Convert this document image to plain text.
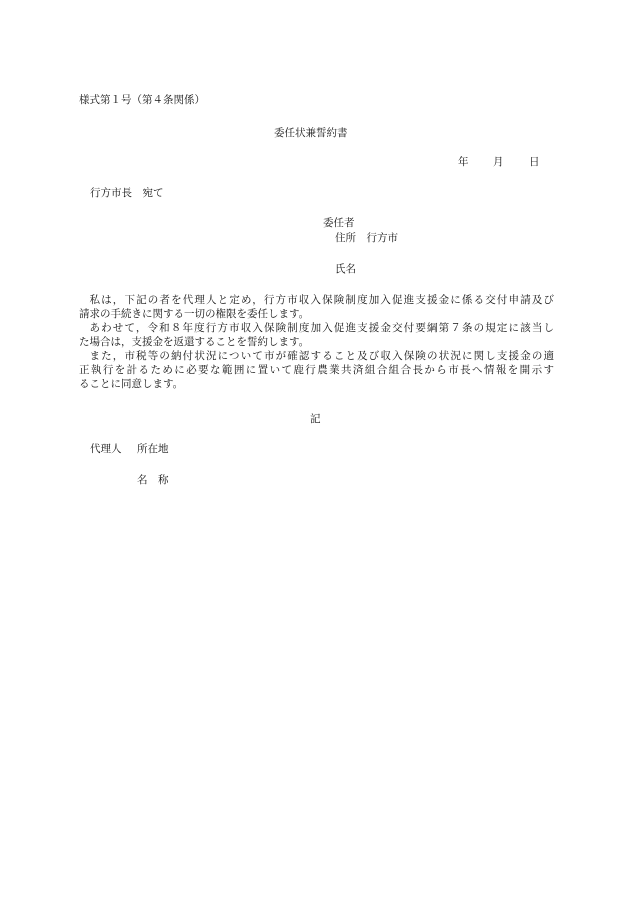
様式第１号（第４条関係）
委任状兼誓約書
年 月 日
行方市長　宛て
委任者
住所　行方市
氏名
私は，下記の者を代理人と定め，行方市収入保険制度加入促進支援金に係る交付申請及び
請求の手続きに関する一切の権限を委任します。
あわせて，令和８年度行方市収入保険制度加入促進支援金交付要綱第７条の規定に該当し
た場合は，支援金を返還することを誓約します。
また，市税等の納付状況について市が確認すること及び収入保険の状況に関し支援金の適
正執行を計るために必要な範囲に置いて鹿行農業共済組合組合長から市長へ情報を開示す
ることに同意します。
記
代理人 所在地
名　称
